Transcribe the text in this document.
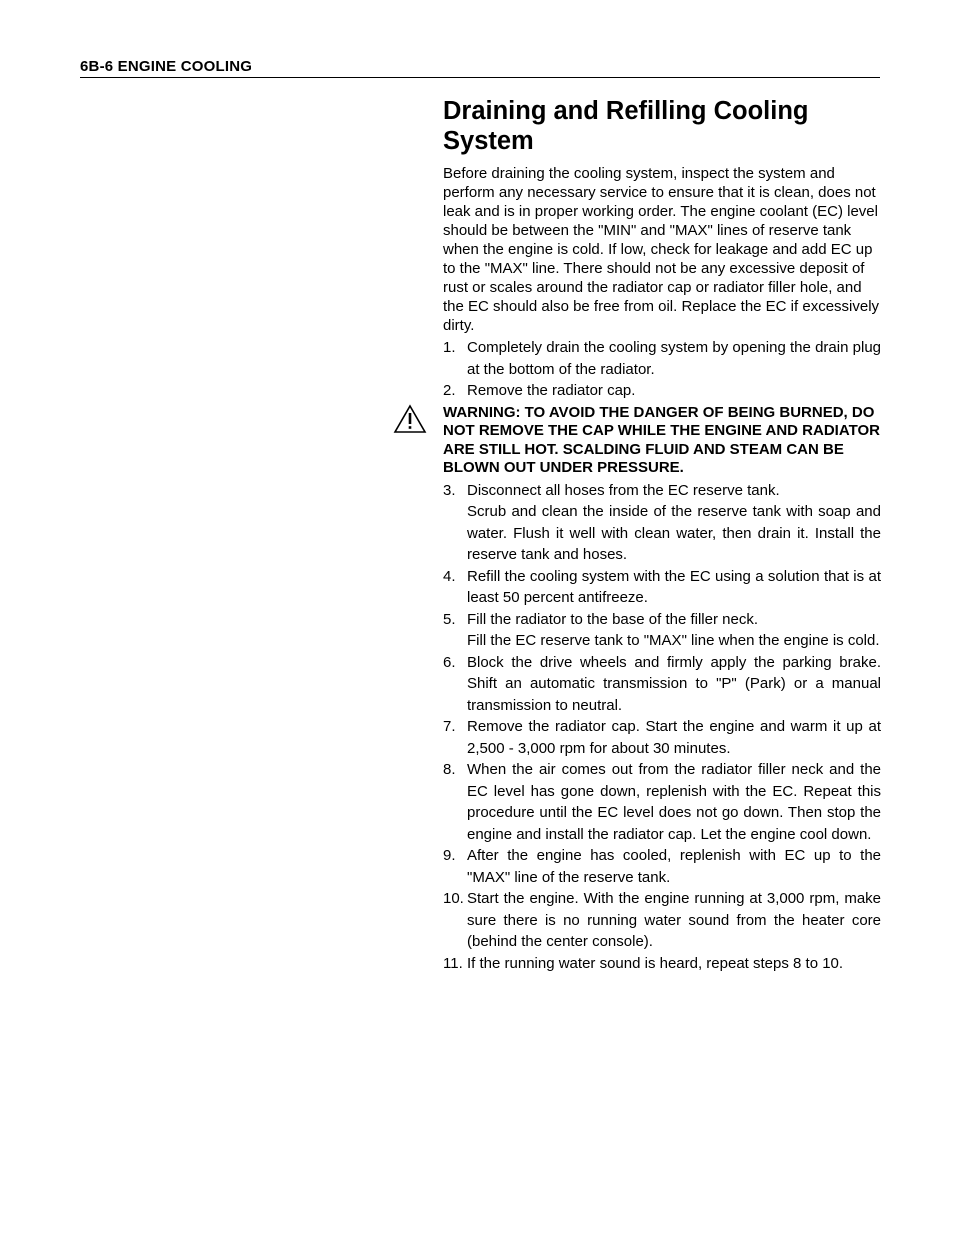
6B-6 ENGINE COOLING
Draining and Refilling Cooling System

Before draining the cooling system, inspect the system and perform any necessary service to ensure that it is clean, does not leak and is in proper working order. The engine coolant (EC) level should be between the "MIN" and "MAX" lines of reserve tank when the engine is cold. If low, check for leakage and add EC up to the "MAX" line. There should not be any excessive deposit of rust or scales around the radiator cap or radiator filler hole, and the EC should also be free from oil. Replace the EC if excessively dirty.

1. Completely drain the cooling system by opening the drain plug at the bottom of the radiator.

2. Remove the radiator cap.

WARNING: TO AVOID THE DANGER OF BEING BURNED, DO NOT REMOVE THE CAP WHILE THE ENGINE AND RADIATOR ARE STILL HOT. SCALDING FLUID AND STEAM CAN BE BLOWN OUT UNDER PRESSURE.
3. Disconnect all hoses from the EC reserve tank.

Scrub and clean the inside of the reserve tank with soap and water. Flush it well with clean water, then drain it. Install the reserve tank and hoses.

4. Refill the cooling system with the EC using a solution that is at least 50 percent antifreeze.

5. Fill the radiator to the base of the filler neck.

Fill the EC reserve tank to "MAX" line when the engine is cold.

6. Block the drive wheels and firmly apply the parking brake. Shift an automatic transmission to "P" (Park) or a manual transmission to neutral.

7. Remove the radiator cap. Start the engine and warm it up at 2,500 - 3,000 rpm for about 30 minutes.

8. When the air comes out from the radiator filler neck and the EC level has gone down, replenish with the EC. Repeat this procedure until the EC level does not go down. Then stop the engine and install the radiator cap. Let the engine cool down.

9. After the engine has cooled, replenish with EC up to the "MAX" line of the reserve tank.

10. Start the engine. With the engine running at 3,000 rpm, make sure there is no running water sound from the heater core (behind the center console).

11. If the running water sound is heard, repeat steps 8 to 10.
